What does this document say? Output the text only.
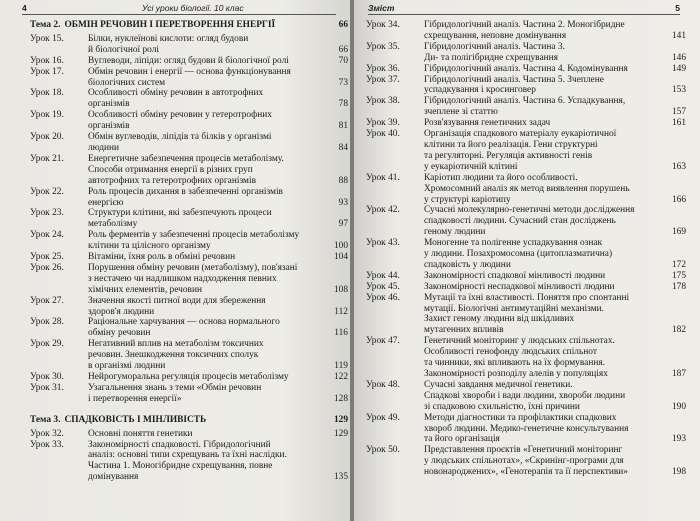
4	Усі уроки біології. 10 клас
Тема 2. ОБМІН РЕЧОВИН І ПЕРЕТВОРЕННЯ ЕНЕРГІЇ	66
Урок 15.	Білки, нуклеїнові кислоти: огляд будови
й біологічної ролі	66
Урок 16.	Вуглеводи, ліпіди: огляд будови й біологічної ролі	70
Урок 17.	Обмін речовин і енергії — основа функціонування
біологічних систем	73
Урок 18.	Особливості обміну речовин в автотрофних
організмів	78
Урок 19.	Особливості обміну речовин у гетеротрофних
організмів	81
Урок 20.	Обмін вуглеводів, ліпідів та білків у організмі
людини	84
Урок 21.	Енергетичне забезпечення процесів метаболізму.
Способи отримання енергії в різних груп
автотрофних та гетеротрофних організмів	88
Урок 22.	Роль процесів дихання в забезпеченні організмів
енергією	93
Урок 23.	Структури клітини, які забезпечують процеси
метаболізму	97
Урок 24.	Роль ферментів у забезпеченні процесів метаболізму
клітини та цілісного організму	100
Урок 25.	Вітаміни, їхня роль в обміні речовин	104
Урок 26.	Порушення обміну речовин (метаболізму), пов'язані
з нестачею чи надлишком надходження певних
хімічних елементів, речовин	108
Урок 27.	Значення якості питної води для збереження
здоров'я людини	112
Урок 28.	Раціональне харчування — основа нормального
обміну речовин	116
Урок 29.	Негативний вплив на метаболізм токсичних
речовин. Знешкодження токсичних сполук
в організмі людини	119
Урок 30.	Нейрогуморальна регуляція процесів метаболізму	122
Урок 31.	Узагальнення знань з теми «Обмін речовин
і перетворення енергії»	128
Тема 3. СПАДКОВІСТЬ І МІНЛИВІСТЬ	129
Урок 32.	Основні поняття генетики	129
Урок 33.	Закономірності спадковості. Гібридологічний
аналіз: основні типи схрещувань та їхні наслідки.
Частина 1. Моногібридне схрещування, повне
домінування	135
Зміст	5
Урок 34.	Гібридологічний аналіз. Частина 2. Моногібридне
схрещування, неповне домінування	141
Урок 35.	Гібридологічний аналіз. Частина 3.
Ди- та полігібридне схрещування	146
Урок 36.	Гібридологічний аналіз. Частина 4. Кодомінування	149
Урок 37.	Гібридологічний аналіз. Частина 5. Зчеплене
успадкування і кросинговер	153
Урок 38.	Гібридологічний аналіз. Частина 6. Успадкування,
зчеплене зі статтю	157
Урок 39.	Розв'язування генетичних задач	161
Урок 40.	Організація спадкового матеріалу еукаріотичної
клітини та його реалізація. Гени структурні
та регуляторні. Регуляція активності генів
у еукаріотичній клітині	163
Урок 41.	Каріотип людини та його особливості.
Хромосомний аналіз як метод виявлення порушень
у структурі каріотипу	166
Урок 42.	Сучасні молекулярно-генетичні методи дослідження
спадковості людини. Сучасний стан досліджень
геному людини	169
Урок 43.	Моногенне та полігенне успадкування ознак
у людини. Позахромосомна (цитоплазматична)
спадковість у людини	172
Урок 44.	Закономірності спадкової мінливості людини	175
Урок 45.	Закономірності неспадкової мінливості людини	178
Урок 46.	Мутації та їхні властивості. Поняття про спонтанні
мутації. Біологічні антимутаційні механізми.
Захист геному людини від шкідливих
мутагенних впливів	182
Урок 47.	Генетичний моніторинг у людських спільнотах.
Особливості генофонду людських спільнот
та чинники, які впливають на їх формування.
Закономірності розподілу алелів у популяціях	187
Урок 48.	Сучасні завдання медичної генетики.
Спадкові хвороби і вади людини, хвороби людини
зі спадковою схильністю, їхні причини	190
Урок 49.	Методи діагностики та профілактики спадкових
хвороб людини. Медико-генетичне консультування
та його організація	193
Урок 50.	Представлення проєктів «Генетичний моніторинг
у людських спільнотах», «Скринінг-програми для
новонароджених», «Генотерапія та її перспективи»	198
